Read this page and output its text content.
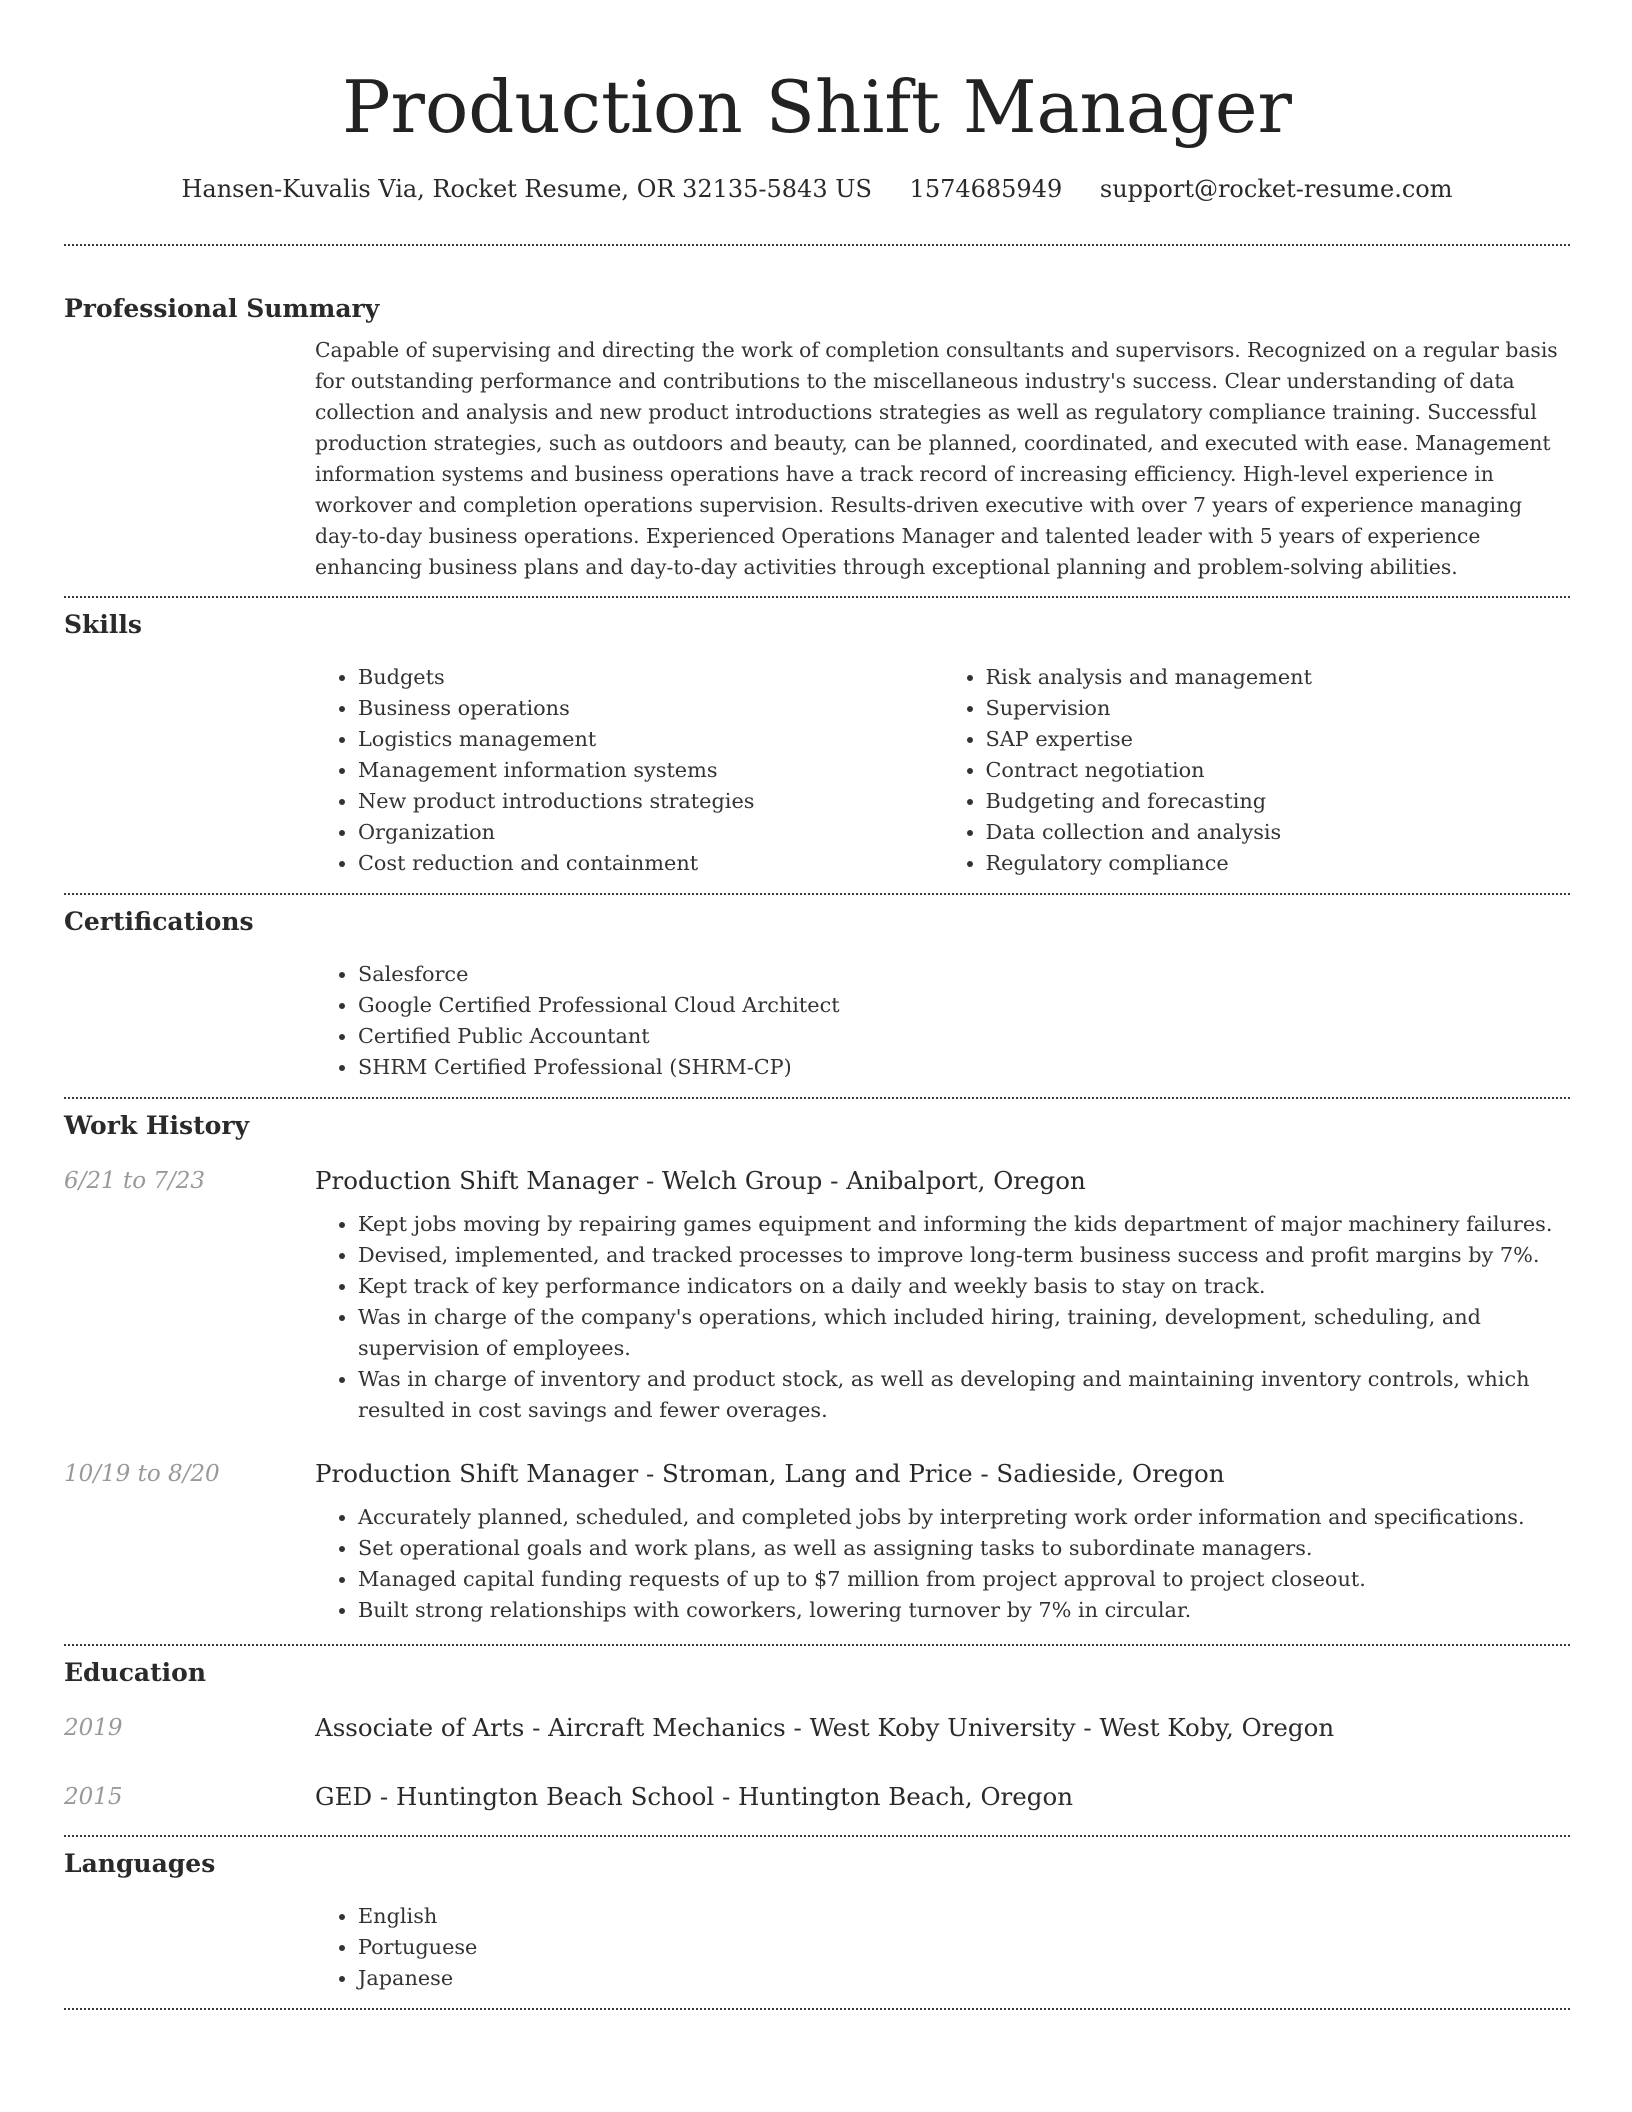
Production Shift Manager
Hansen-Kuvalis Via, Rocket Resume, OR 32135-5843 US 1574685949 support@rocket-resume.com
Professional Summary

Capable of supervising and directing the work of completion consultants and supervisors. Recognized on a regular basis for outstanding performance and contributions to the miscellaneous industry's success. Clear understanding of data collection and analysis and new product introductions strategies as well as regulatory compliance training. Successful production strategies, such as outdoors and beauty, can be planned, coordinated, and executed with ease. Management information systems and business operations have a track record of increasing efficiency. High-level experience in workover and completion operations supervision. Results-driven executive with over 7 years of experience managing day-to-day business operations. Experienced Operations Manager and talented leader with 5 years of experience enhancing business plans and day-to-day activities through exceptional planning and problem-solving abilities.

Skills
• Budgets
• Business operations
• Logistics management
• Management information systems
• New product introductions strategies
• Organization
• Cost reduction and containment
• Risk analysis and management
• Supervision
• SAP expertise
• Contract negotiation
• Budgeting and forecasting
• Data collection and analysis
• Regulatory compliance
Certifications
• Salesforce
• Google Certified Professional Cloud Architect
• Certified Public Accountant
• SHRM Certified Professional (SHRM-CP)
Work History
6/21 to 7/23	Production Shift Manager - Welch Group - Anibalport, Oregon
• Kept jobs moving by repairing games equipment and informing the kids department of major machinery failures.
• Devised, implemented, and tracked processes to improve long-term business success and profit margins by 7%.
• Kept track of key performance indicators on a daily and weekly basis to stay on track.
• Was in charge of the company's operations, which included hiring, training, development, scheduling, and supervision of employees.
• Was in charge of inventory and product stock, as well as developing and maintaining inventory controls, which resulted in cost savings and fewer overages.
10/19 to 8/20	Production Shift Manager - Stroman, Lang and Price - Sadieside, Oregon
• Accurately planned, scheduled, and completed jobs by interpreting work order information and specifications.
• Set operational goals and work plans, as well as assigning tasks to subordinate managers.
• Managed capital funding requests of up to $7 million from project approval to project closeout.
• Built strong relationships with coworkers, lowering turnover by 7% in circular.
Education
2019	Associate of Arts - Aircraft Mechanics - West Koby University - West Koby, Oregon
2015	GED - Huntington Beach School - Huntington Beach, Oregon
Languages
• English
• Portuguese
• Japanese
